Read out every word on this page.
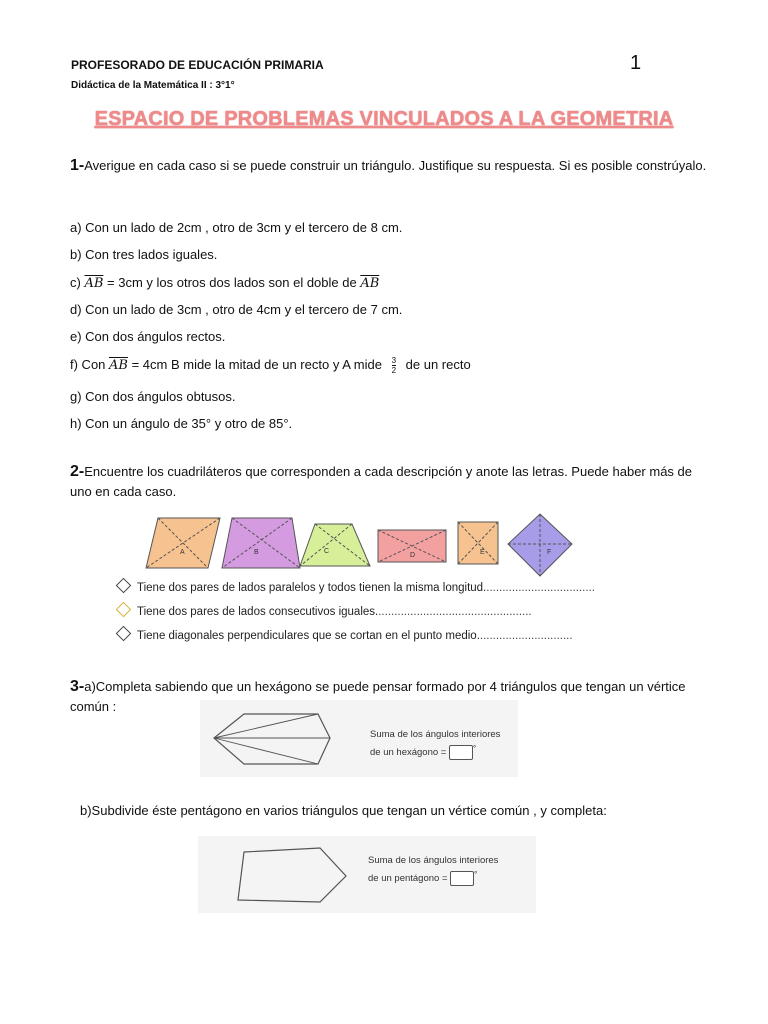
PROFESORADO DE EDUCACIÓN PRIMARIA
Didáctica de la Matemática II : 3°1°
1
ESPACIO DE PROBLEMAS VINCULADOS A LA GEOMETRIA
1-Averigue en cada caso si se puede construir un triángulo. Justifique su respuesta. Si es posible constrúyalo.
a) Con un lado de 2cm , otro de 3cm y el tercero de 8 cm.
b) Con tres lados iguales.
c) $\overline{AB} = 3cm$ y los otros dos lados son el doble de $\overline{AB}$
d) Con un lado de 3cm , otro de 4cm y el tercero de 7 cm.
e) Con dos ángulos rectos.
f) Con $\overline{AB} = 4cm$ B mide la mitad de un recto y A mide $\frac{3}{2}$ de un recto
g) Con dos ángulos obtusos.
h) Con un ángulo de 35° y otro de 85°.
2-Encuentre los cuadriláteros que corresponden a cada descripción y anote las letras. Puede haber más de uno en cada caso.
A	B	C
D	E	F
Tiene dos pares de lados paralelos y todos tienen la misma longitud...................................
Tiene dos pares de lados consecutivos iguales.................................................
Tiene diagonales perpendiculares que se cortan en el punto medio..............................
3-a)Completa sabiendo que un hexágono se puede pensar formado por 4 triángulos que tengan un vértice común :
Suma de los ángulos interiores
de un hexágono =	°
b)Subdivide éste pentágono en varios triángulos que tengan un vértice común , y completa:
Suma de los ángulos interiores
de un pentágono =	°
